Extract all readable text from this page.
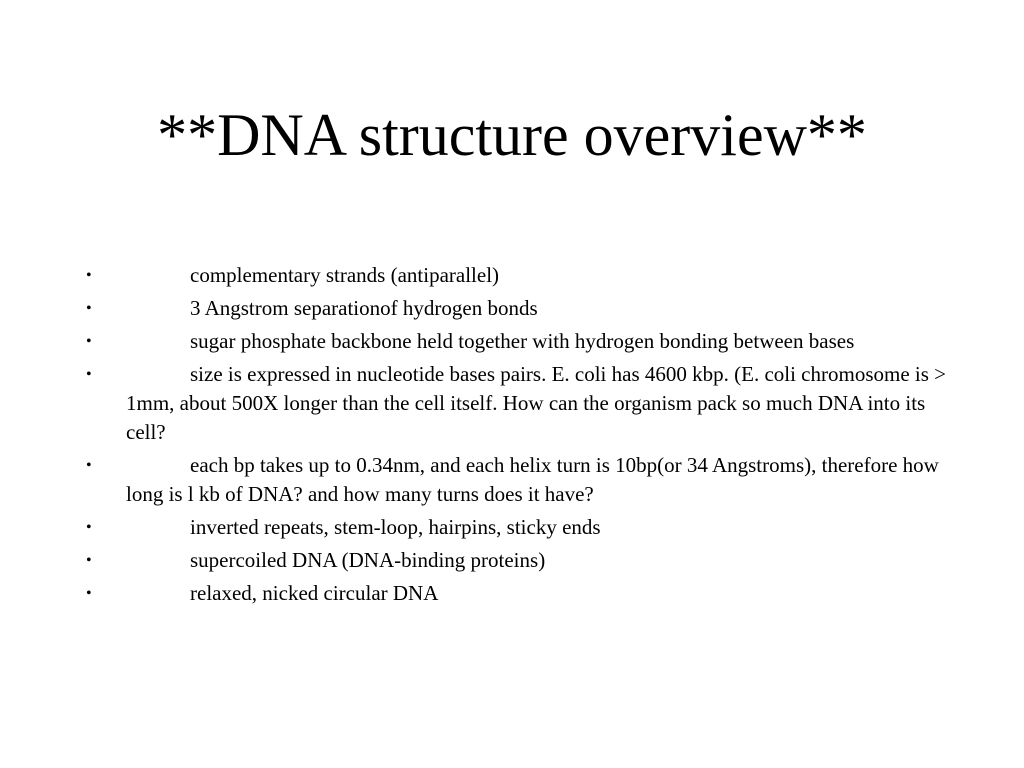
**DNA structure overview**
•	complementary strands (antiparallel)
•	3 Angstrom separationof hydrogen bonds
•	sugar phosphate backbone held together with hydrogen bonding between bases
•	size is expressed in nucleotide bases pairs. E. coli has 4600 kbp. (E. coli chromosome is > 1mm, about 500X longer than the cell itself. How can the organism pack so much DNA into its cell?
•	each bp takes up to 0.34nm, and each helix turn is 10bp(or 34 Angstroms), therefore how long is l kb of DNA? and how many turns does it have?
•	inverted repeats, stem-loop, hairpins, sticky ends
•	supercoiled DNA (DNA-binding proteins)
•	relaxed, nicked circular DNA
